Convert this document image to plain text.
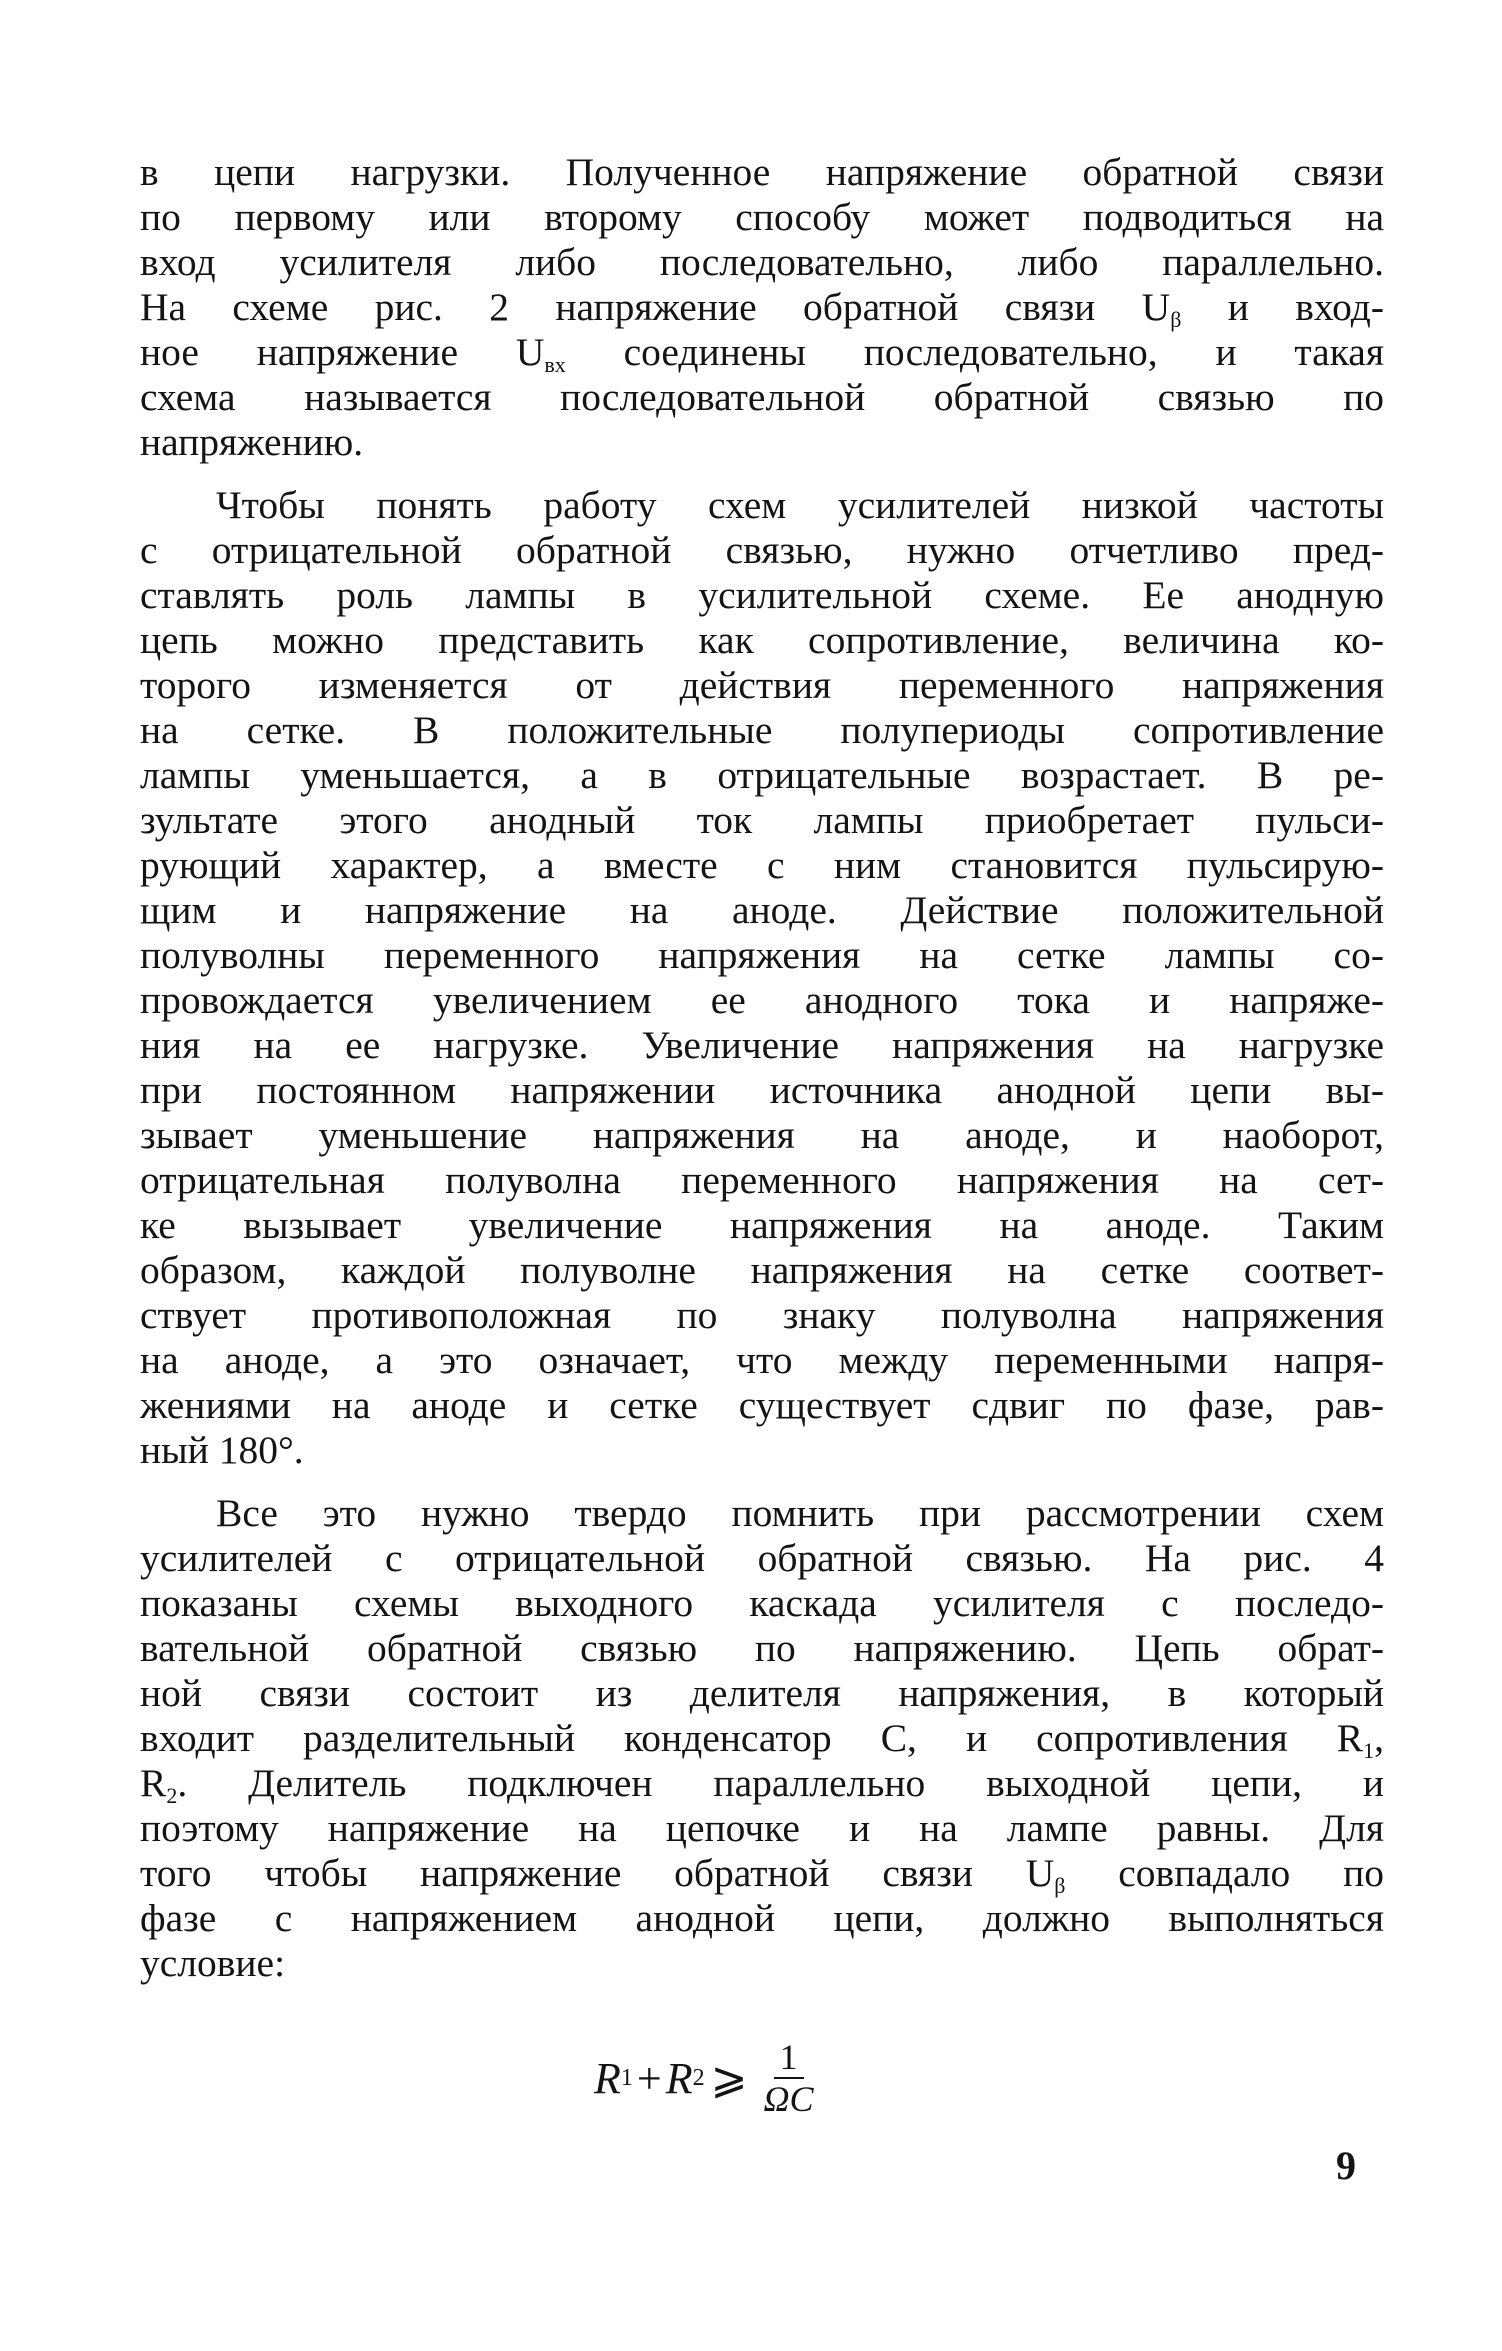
в цепи нагрузки. Полученное напряжение обратной связи
по первому или второму способу может подводиться на
вход усилителя либо последовательно, либо параллельно.
На схеме рис. 2 напряжение обратной связи $U_\beta$ и вход-
ное напряжение $U_{вх}$ соединены последовательно, и такая
схема называется последовательной обратной связью по
напряжению.
Чтобы понять работу схем усилителей низкой частоты
с отрицательной обратной связью, нужно отчетливо пред-
ставлять роль лампы в усилительной схеме. Ее анодную
цепь можно представить как сопротивление, величина ко-
торого изменяется от действия переменного напряжения
на сетке. В положительные полупериоды сопротивление
лампы уменьшается, а в отрицательные возрастает. В ре-
зультате этого анодный ток лампы приобретает пульси-
рующий характер, а вместе с ним становится пульсирую-
щим и напряжение на аноде. Действие положительной
полуволны переменного напряжения на сетке лампы со-
провождается увеличением ее анодного тока и напряже-
ния на ее нагрузке. Увеличение напряжения на нагрузке
при постоянном напряжении источника анодной цепи вы-
зывает уменьшение напряжения на аноде, и наоборот,
отрицательная полуволна переменного напряжения на сет-
ке вызывает увеличение напряжения на аноде. Таким
образом, каждой полуволне напряжения на сетке соответ-
ствует противоположная по знаку полуволна напряжения
на аноде, а это означает, что между переменными напря-
жениями на аноде и сетке существует сдвиг по фазе, рав-
ный 180°.
Все это нужно твердо помнить при рассмотрении схем
усилителей с отрицательной обратной связью. На рис. 4
показаны схемы выходного каскада усилителя с последо-
вательной обратной связью по напряжению. Цепь обрат-
ной связи состоит из делителя напряжения, в который
входит разделительный конденсатор C, и сопротивления $R_1$,
$R_2$. Делитель подключен параллельно выходной цепи, и
поэтому напряжение на цепочке и на лампе равны. Для
того чтобы напряжение обратной связи $U_\beta$ совпадало по
фазе с напряжением анодной цепи, должно выполняться
условие:
R 1 + R 2 ⩾ $\frac{1}{\Omega C}$
9
